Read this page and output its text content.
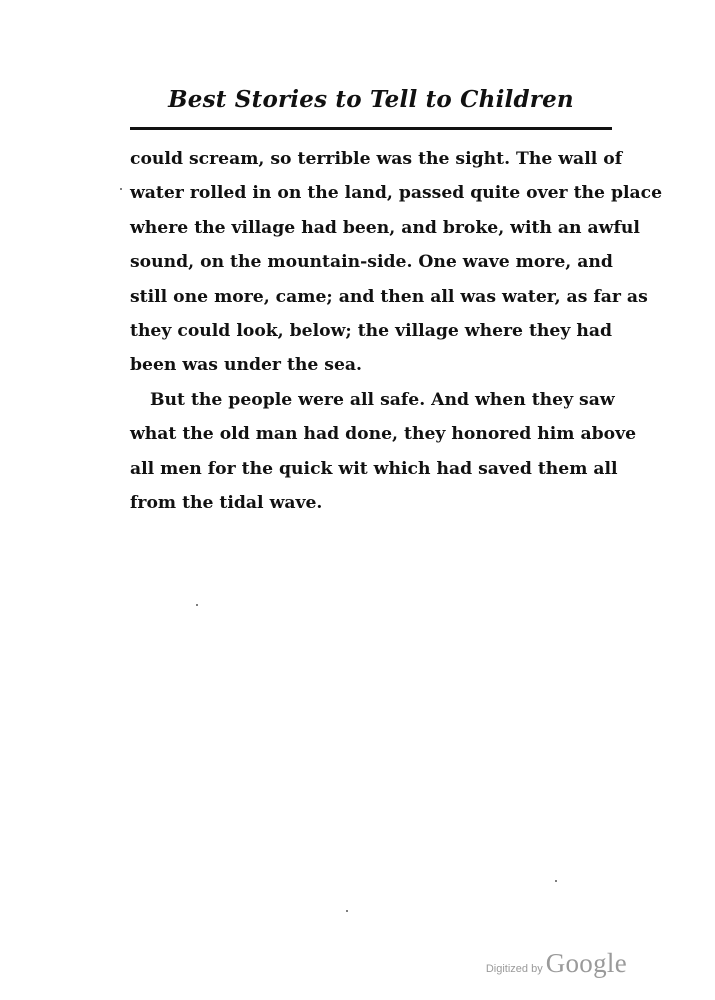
Best Stories to Tell to Children
could scream, so terrible was the sight. The wall of
water rolled in on the land, passed quite over the place
where the village had been, and broke, with an awful
sound, on the mountain-side. One wave more, and
still one more, came; and then all was water, as far as
they could look, below; the village where they had
been was under the sea.
But the people were all safe. And when they saw
what the old man had done, they honored him above
all men for the quick wit which had saved them all
from the tidal wave.
Digitized by Google
